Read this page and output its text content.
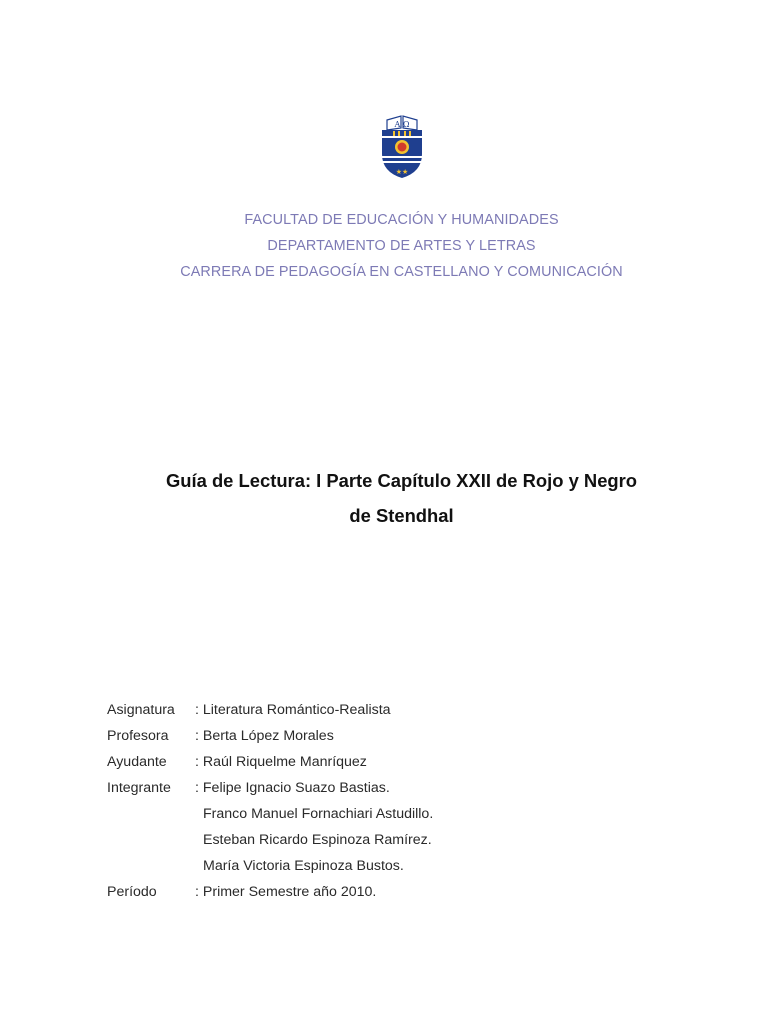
A Ω
★★
FACULTAD DE EDUCACIÓN Y HUMANIDADES
DEPARTAMENTO DE ARTES Y LETRAS
CARRERA DE PEDAGOGÍA EN CASTELLANO Y COMUNICACIÓN
Guía de Lectura: I Parte Capítulo XXII de Rojo y Negro
de Stendhal
Asignatura : Literatura Romántico-Realista
Profesora : Berta López Morales
Ayudante : Raúl Riquelme Manríquez
Integrante : Felipe Ignacio Suazo Bastias.
Franco Manuel Fornachiari Astudillo.
Esteban Ricardo Espinoza Ramírez.
María Victoria Espinoza Bustos.
Período	: Primer Semestre año 2010.
